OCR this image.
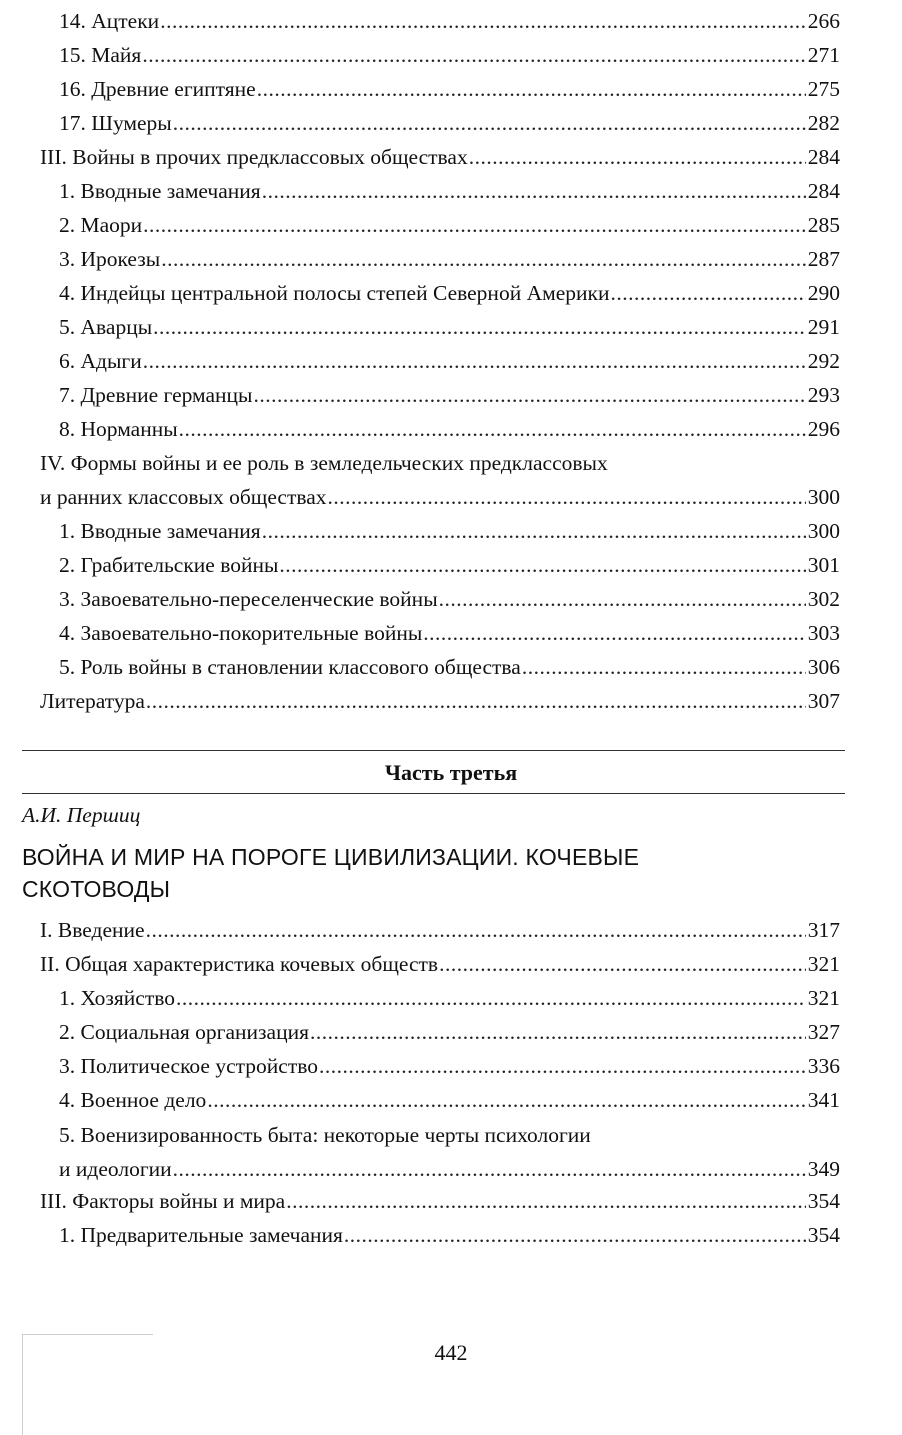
14. Ацтеки .....	266
15. Майя .....	271
16. Древние египтяне .....	275
17. Шумеры .....	282
III. Войны в прочих предклассовых обществах .....	284
1. Вводные замечания .....	284
2. Маори .....	285
3. Ирокезы .....	287
4. Индейцы центральной полосы степей Северной Америки .....	290
5. Аварцы .....	291
6. Адыги .....	292
7. Древние германцы .....	293
8. Норманны .....	296
IV. Формы войны и ее роль в земледельческих предклассовых
и ранних классовых обществах .....	300
1. Вводные замечания .....	300
2. Грабительские войны .....	301
3. Завоевательно-переселенческие войны .....	302
4. Завоевательно-покорительные войны .....	303
5. Роль войны в становлении классового общества .....	306
Литература .....	307
Часть третья
А.И. Першиц
ВОЙНА И МИР НА ПОРОГЕ ЦИВИЛИЗАЦИИ. КОЧЕВЫЕ
СКОТОВОДЫ
I. Введение .....	317
II. Общая характеристика кочевых обществ .....	321
1. Хозяйство .....	321
2. Социальная организация .....	327
3. Политическое устройство .....	336
4. Военное дело .....	341
5. Военизированность быта: некоторые черты психологии
и идеологии .....	349
III. Факторы войны и мира .....	354
1. Предварительные замечания .....	354
442
